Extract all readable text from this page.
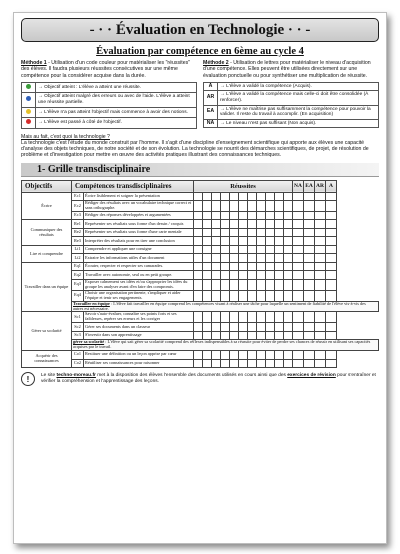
- · · Évaluation en Technologie · · -
Évaluation par compétence en 6ème au cycle 4
Méthode 1 - Utilisation d'un code couleur pour matérialiser les "réussites" des élèves. Il faudra plusieurs réussites consécutives sur une même compétence pour la considérer acquise dans la durée.
	→ Objectif atteint : L'élève a atteint une réussite.
	→ Objectif atteint malgré des erreurs ou avec de l'aide. L'élève a atteint une réussite partielle.
	→ L'élève n'a pas atteint l'objectif mais commence à avoir des notions.
	→ L'élève est passé à côté de l'objectif.
Méthode 2 - Utilisation de lettres pour matérialiser le niveau d'acquisition d'une compétence. Elles peuvent être utilisées directement sur une évaluation ponctuelle ou pour synthétiser une multiplication de réussite.
A	→ L'élève a validé la compétence (Acquis).
AR	→ L'élève a validé la compétence mais celle-ci doit être consolidée (À renforcer).
EA	→ L'élève ne maîtrise pas suffisamment la compétence pour pouvoir la valider. Il reste du travail à accomplir. (En acquisition)
NA	→ Le niveau n'est pas suffisant (Non acquis).
Mais au fait, c'est quoi la technologie ?
La technologie c'est l'étude du monde construit par l'homme. Il s'agit d'une discipline d'enseignement scientifique qui apporte aux élèves une capacité d'analyse des objets techniques, de notre société et de son évolution. La technologie se nourrit des démarches scientifiques, de projet, de résolution de problème et d'investigation pour mettre en œuvre des activités pratiques illustrant des connaissances techniques.
1- Grille transdisciplinaire
Objectifs	Compétences transdisciplinaires		Réussites											NA	EA	AR	A
Écrire	Ec1	Écrire lisiblement et soigner la présentation															
	Ec2	Rédiger des résultats avec un vocabulaire technique correct et sans orthographe.															
	Ec3	Rédiger des réponses développées et argumentées															
Communiquer des résultats	Re1	Représenter ses résultats sous forme d'un dessin / croquis															
	Re2	Représenter ses résultats sous forme d'une carte mentale															
	Re3	Interpréter des résultats pour en tirer une conclusion															
Lire et comprendre	Li1	Comprendre et appliquer une consigne															
	Li2	Extraire les informations utiles d'un document															
Travailler dans un équipe	Eq1	Écouter, respecter et respecter ses camarades.															
	Eq2	Travailler avec autonomie, seul ou en petit groupe.															
	Eq3	Exposer calmement ses idées et/ou s'approprier les idées du groupe les analyser avant d'en faire des compromis.															
	Eq4	Choisir une organisation pertinente, s'impliquer et aider l'équipe et tenir ses engagements.															
	Travailler en équipe : L'élève fait travailler en équipe comprend les compétences visant à réaliser une tâche pour laquelle un sentiment de fiabilité de l'élève vis-à-vis des autres est nécessaire.																
Gérer sa scolarité	Sc1	Savoir s'auto-évaluer, connaître ses points forts et ses faiblesses, repérer ses erreurs et les corriger															
	Sc2	Gérer ses documents dans un classeur															
	Sc3	S'investir dans son apprentissage															
	gérer sa scolarité : L'élève qui sait gérer sa scolarité comprend des réflexes indispensables à sa réussite pour éviter de perdre ses chances de réussir en utilisant ses capacités acquises par le travail.																
Acquérir des connaissances	Co1	Restituer une définition ou un leçon apprise par cœur															
	Co2	Réutiliser ses connaissances pour raisonner															
!	Le site techno-moreau.fr met à la disposition des élèves l'ensemble des documents utilisés en cours ainsi que des exercices de révision pour s'entraîner et vérifier la compréhension et l'apprentissage des leçons.
